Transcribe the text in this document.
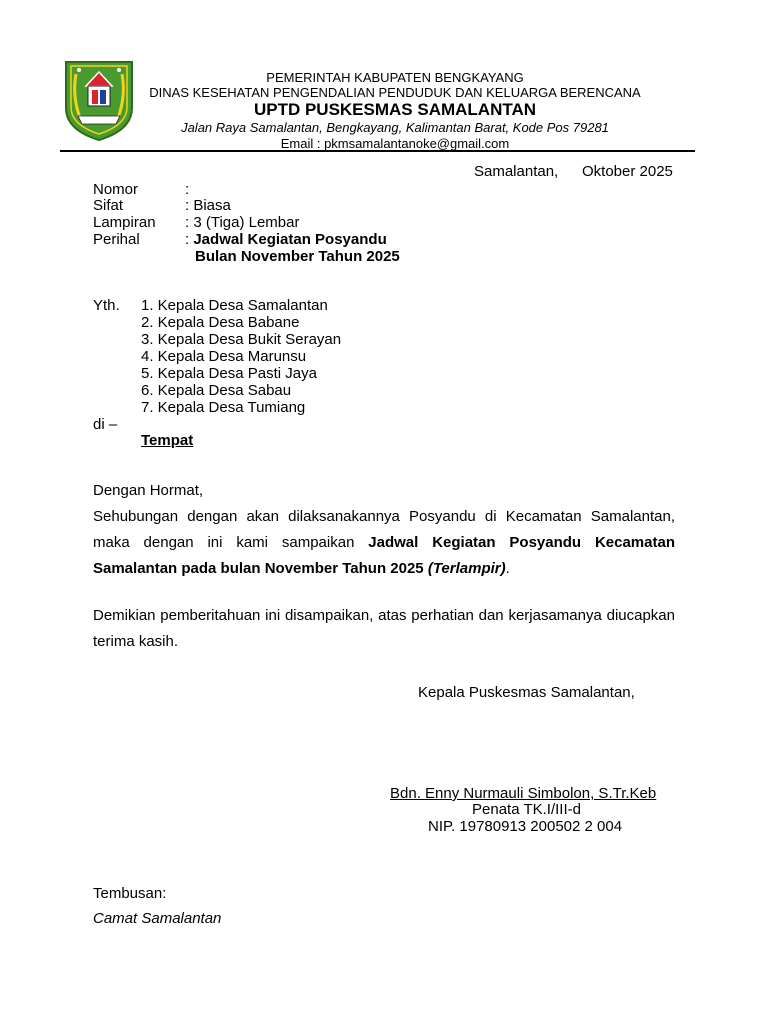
PEMERINTAH KABUPATEN BENGKAYANG
DINAS KESEHATAN PENGENDALIAN PENDUDUK DAN KELUARGA BERENCANA
UPTD PUSKESMAS SAMALANTAN
Jalan Raya Samalantan, Bengkayang, Kalimantan Barat, Kode Pos 79281
Email : pkmsamalantanoke@gmail.com
Samalantan, Oktober 2025
Nomor	:
Sifat	: Biasa
Lampiran : 3 (Tiga) Lembar
Perihal	: Jadwal Kegiatan Posyandu
Bulan November Tahun 2025
Yth. 1. Kepala Desa Samalantan
2. Kepala Desa Babane
3. Kepala Desa Bukit Serayan
4. Kepala Desa Marunsu
5. Kepala Desa Pasti Jaya
6. Kepala Desa Sabau
7. Kepala Desa Tumiang
di –
Tempat
Dengan Hormat,
Sehubungan dengan akan dilaksanakannya Posyandu di Kecamatan Samalantan, maka dengan ini kami sampaikan Jadwal Kegiatan Posyandu Kecamatan Samalantan pada bulan November Tahun 2025 (Terlampir).
Demikian pemberitahuan ini disampaikan, atas perhatian dan kerjasamanya diucapkan terima kasih.
Kepala Puskesmas Samalantan,
Bdn. Enny Nurmauli Simbolon, S.Tr.Keb
Penata TK.I/III-d
NIP. 19780913 200502 2 004
Tembusan:
Camat Samalantan
